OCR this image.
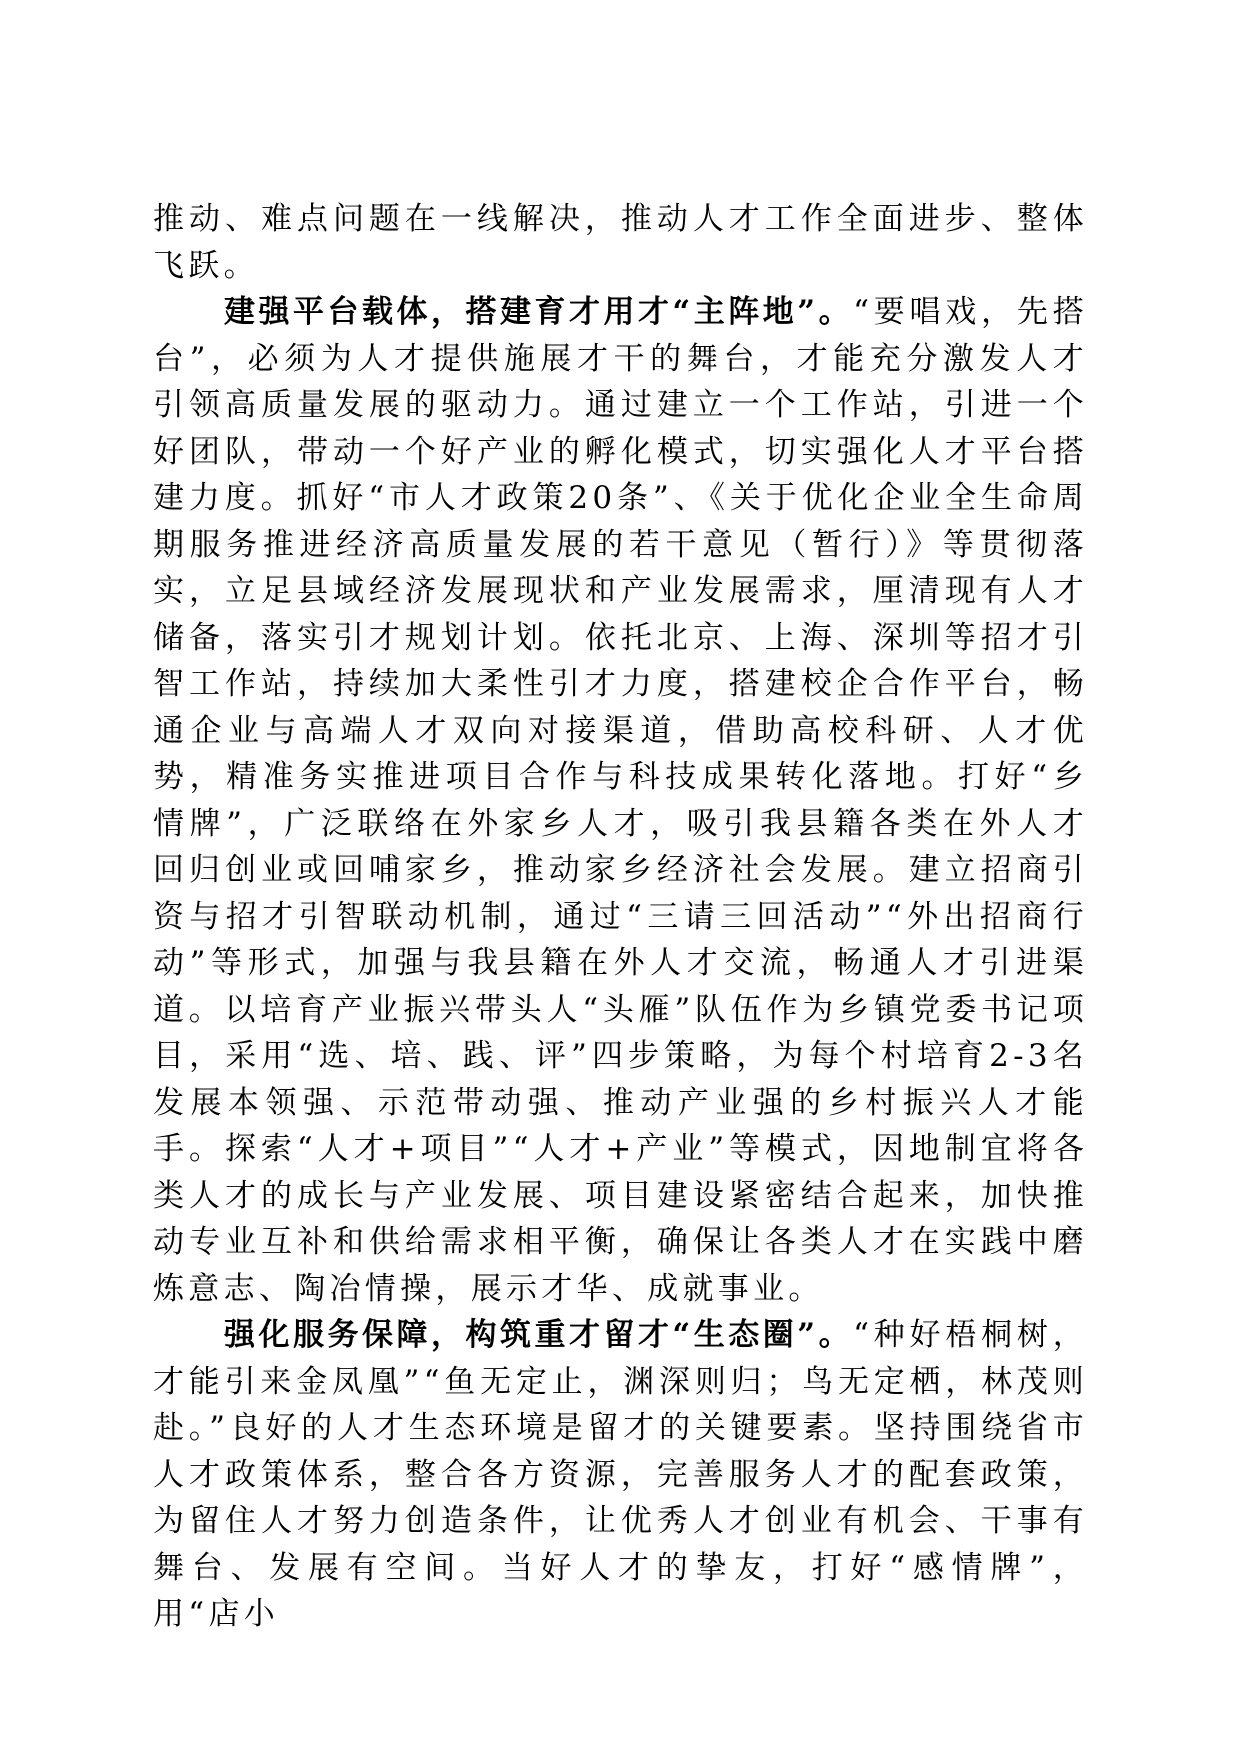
推动、难点问题在一线解决，推动人才工作全面进步、整体飞跃。

建强平台载体，搭建育才用才“主阵地”。“要唱戏，先搭台”，必须为人才提供施展才干的舞台，才能充分激发人才引领高质量发展的驱动力。通过建立一个工作站，引进一个好团队，带动一个好产业的孵化模式，切实强化人才平台搭建力度。抓好“市人才政策20条”、《关于优化企业全生命周期服务推进经济高质量发展的若干意见（暂行）》等贯彻落实，立足县域经济发展现状和产业发展需求，厘清现有人才储备，落实引才规划计划。依托北京、上海、深圳等招才引智工作站，持续加大柔性引才力度，搭建校企合作平台，畅通企业与高端人才双向对接渠道，借助高校科研、人才优势，精准务实推进项目合作与科技成果转化落地。打好“乡情牌”，广泛联络在外家乡人才，吸引我县籍各类在外人才回归创业或回哺家乡，推动家乡经济社会发展。建立招商引资与招才引智联动机制，通过“三请三回活动”“外出招商行动”等形式，加强与我县籍在外人才交流，畅通人才引进渠道。以培育产业振兴带头人“头雁”队伍作为乡镇党委书记项目，采用“选、培、践、评”四步策略，为每个村培育2-3名发展本领强、示范带动强、推动产业强的乡村振兴人才能手。探索“人才+项目”“人才+产业”等模式，因地制宜将各类人才的成长与产业发展、项目建设紧密结合起来，加快推动专业互补和供给需求相平衡，确保让各类人才在实践中磨炼意志、陶冶情操，展示才华、成就事业。

强化服务保障，构筑重才留才“生态圈”。“种好梧桐树，才能引来金凤凰”“鱼无定止，渊深则归；鸟无定栖，林茂则赴。”良好的人才生态环境是留才的关键要素。坚持围绕省市人才政策体系，整合各方资源，完善服务人才的配套政策，为留住人才努力创造条件，让优秀人才创业有机会、干事有舞台、发展有空间。当好人才的挚友，打好“感情牌”，用“店小
